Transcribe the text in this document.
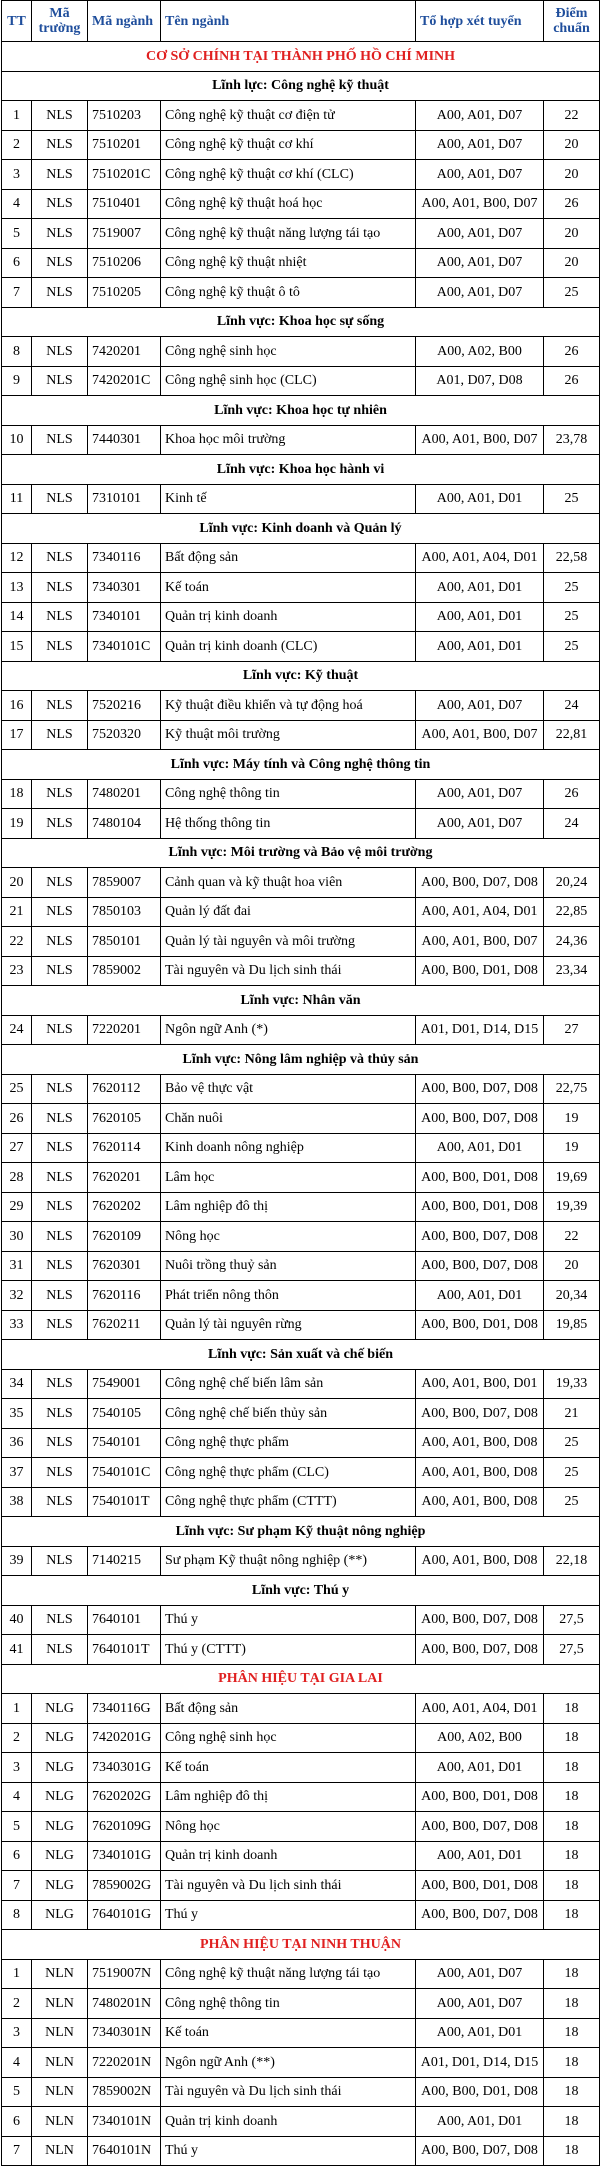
TT	Mã trường	Mã ngành	Tên ngành	Tổ hợp xét tuyển	Điểm chuẩn
CƠ SỞ CHÍNH TẠI THÀNH PHỐ HỒ CHÍ MINH					
Lĩnh lực: Công nghệ kỹ thuật					
1	NLS	7510203	Công nghệ kỹ thuật cơ điện tử	A00, A01, D07	22
2	NLS	7510201	Công nghệ kỹ thuật cơ khí	A00, A01, D07	20
3	NLS	7510201C	Công nghệ kỹ thuật cơ khí (CLC)	A00, A01, D07	20
4	NLS	7510401	Công nghệ kỹ thuật hoá học	A00, A01, B00, D07	26
5	NLS	7519007	Công nghệ kỹ thuật năng lượng tái tạo	A00, A01, D07	20
6	NLS	7510206	Công nghệ kỹ thuật nhiệt	A00, A01, D07	20
7	NLS	7510205	Công nghệ kỹ thuật ô tô	A00, A01, D07	25
Lĩnh vực: Khoa học sự sống					
8	NLS	7420201	Công nghệ sinh học	A00, A02, B00	26
9	NLS	7420201C	Công nghệ sinh học (CLC)	A01, D07, D08	26
Lĩnh vực: Khoa học tự nhiên					
10	NLS	7440301	Khoa học môi trường	A00, A01, B00, D07	23,78
Lĩnh vực: Khoa học hành vi					
11	NLS	7310101	Kinh tế	A00, A01, D01	25
Lĩnh vực: Kinh doanh và Quản lý					
12	NLS	7340116	Bất động sản	A00, A01, A04, D01	22,58
13	NLS	7340301	Kế toán	A00, A01, D01	25
14	NLS	7340101	Quản trị kinh doanh	A00, A01, D01	25
15	NLS	7340101C	Quản trị kinh doanh (CLC)	A00, A01, D01	25
Lĩnh vực: Kỹ thuật					
16	NLS	7520216	Kỹ thuật điều khiển và tự động hoá	A00, A01, D07	24
17	NLS	7520320	Kỹ thuật môi trường	A00, A01, B00, D07	22,81
Lĩnh vực: Máy tính và Công nghệ thông tin					
18	NLS	7480201	Công nghệ thông tin	A00, A01, D07	26
19	NLS	7480104	Hệ thống thông tin	A00, A01, D07	24
Lĩnh vực: Môi trường và Bảo vệ môi trường					
20	NLS	7859007	Cảnh quan và kỹ thuật hoa viên	A00, B00, D07, D08	20,24
21	NLS	7850103	Quản lý đất đai	A00, A01, A04, D01	22,85
22	NLS	7850101	Quản lý tài nguyên và môi trường	A00, A01, B00, D07	24,36
23	NLS	7859002	Tài nguyên và Du lịch sinh thái	A00, B00, D01, D08	23,34
Lĩnh vực: Nhân văn					
24	NLS	7220201	Ngôn ngữ Anh (*)	A01, D01, D14, D15	27
Lĩnh vực: Nông lâm nghiệp và thủy sản					
25	NLS	7620112	Bảo vệ thực vật	A00, B00, D07, D08	22,75
26	NLS	7620105	Chăn nuôi	A00, B00, D07, D08	19
27	NLS	7620114	Kinh doanh nông nghiệp	A00, A01, D01	19
28	NLS	7620201	Lâm học	A00, B00, D01, D08	19,69
29	NLS	7620202	Lâm nghiệp đô thị	A00, B00, D01, D08	19,39
30	NLS	7620109	Nông học	A00, B00, D07, D08	22
31	NLS	7620301	Nuôi trồng thuỷ sản	A00, B00, D07, D08	20
32	NLS	7620116	Phát triển nông thôn	A00, A01, D01	20,34
33	NLS	7620211	Quản lý tài nguyên rừng	A00, B00, D01, D08	19,85
Lĩnh vực: Sản xuất và chế biến					
34	NLS	7549001	Công nghệ chế biến lâm sản	A00, A01, B00, D01	19,33
35	NLS	7540105	Công nghệ chế biến thủy sản	A00, B00, D07, D08	21
36	NLS	7540101	Công nghệ thực phẩm	A00, A01, B00, D08	25
37	NLS	7540101C	Công nghệ thực phẩm (CLC)	A00, A01, B00, D08	25
38	NLS	7540101T	Công nghệ thực phẩm (CTTT)	A00, A01, B00, D08	25
Lĩnh vực: Sư phạm Kỹ thuật nông nghiệp					
39	NLS	7140215	Sư phạm Kỹ thuật nông nghiệp (**)	A00, A01, B00, D08	22,18
Lĩnh vực: Thú y					
40	NLS	7640101	Thú y	A00, B00, D07, D08	27,5
41	NLS	7640101T	Thú y (CTTT)	A00, B00, D07, D08	27,5
PHÂN HIỆU TẠI GIA LAI					
1	NLG	7340116G	Bất động sản	A00, A01, A04, D01	18
2	NLG	7420201G	Công nghệ sinh học	A00, A02, B00	18
3	NLG	7340301G	Kế toán	A00, A01, D01	18
4	NLG	7620202G	Lâm nghiệp đô thị	A00, B00, D01, D08	18
5	NLG	7620109G	Nông học	A00, B00, D07, D08	18
6	NLG	7340101G	Quản trị kinh doanh	A00, A01, D01	18
7	NLG	7859002G	Tài nguyên và Du lịch sinh thái	A00, B00, D01, D08	18
8	NLG	7640101G	Thú y	A00, B00, D07, D08	18
PHÂN HIỆU TẠI NINH THUẬN					
1	NLN	7519007N	Công nghệ kỹ thuật năng lượng tái tạo	A00, A01, D07	18
2	NLN	7480201N	Công nghệ thông tin	A00, A01, D07	18
3	NLN	7340301N	Kế toán	A00, A01, D01	18
4	NLN	7220201N	Ngôn ngữ Anh (**)	A01, D01, D14, D15	18
5	NLN	7859002N	Tài nguyên và Du lịch sinh thái	A00, B00, D01, D08	18
6	NLN	7340101N	Quản trị kinh doanh	A00, A01, D01	18
7	NLN	7640101N	Thú y	A00, B00, D07, D08	18
